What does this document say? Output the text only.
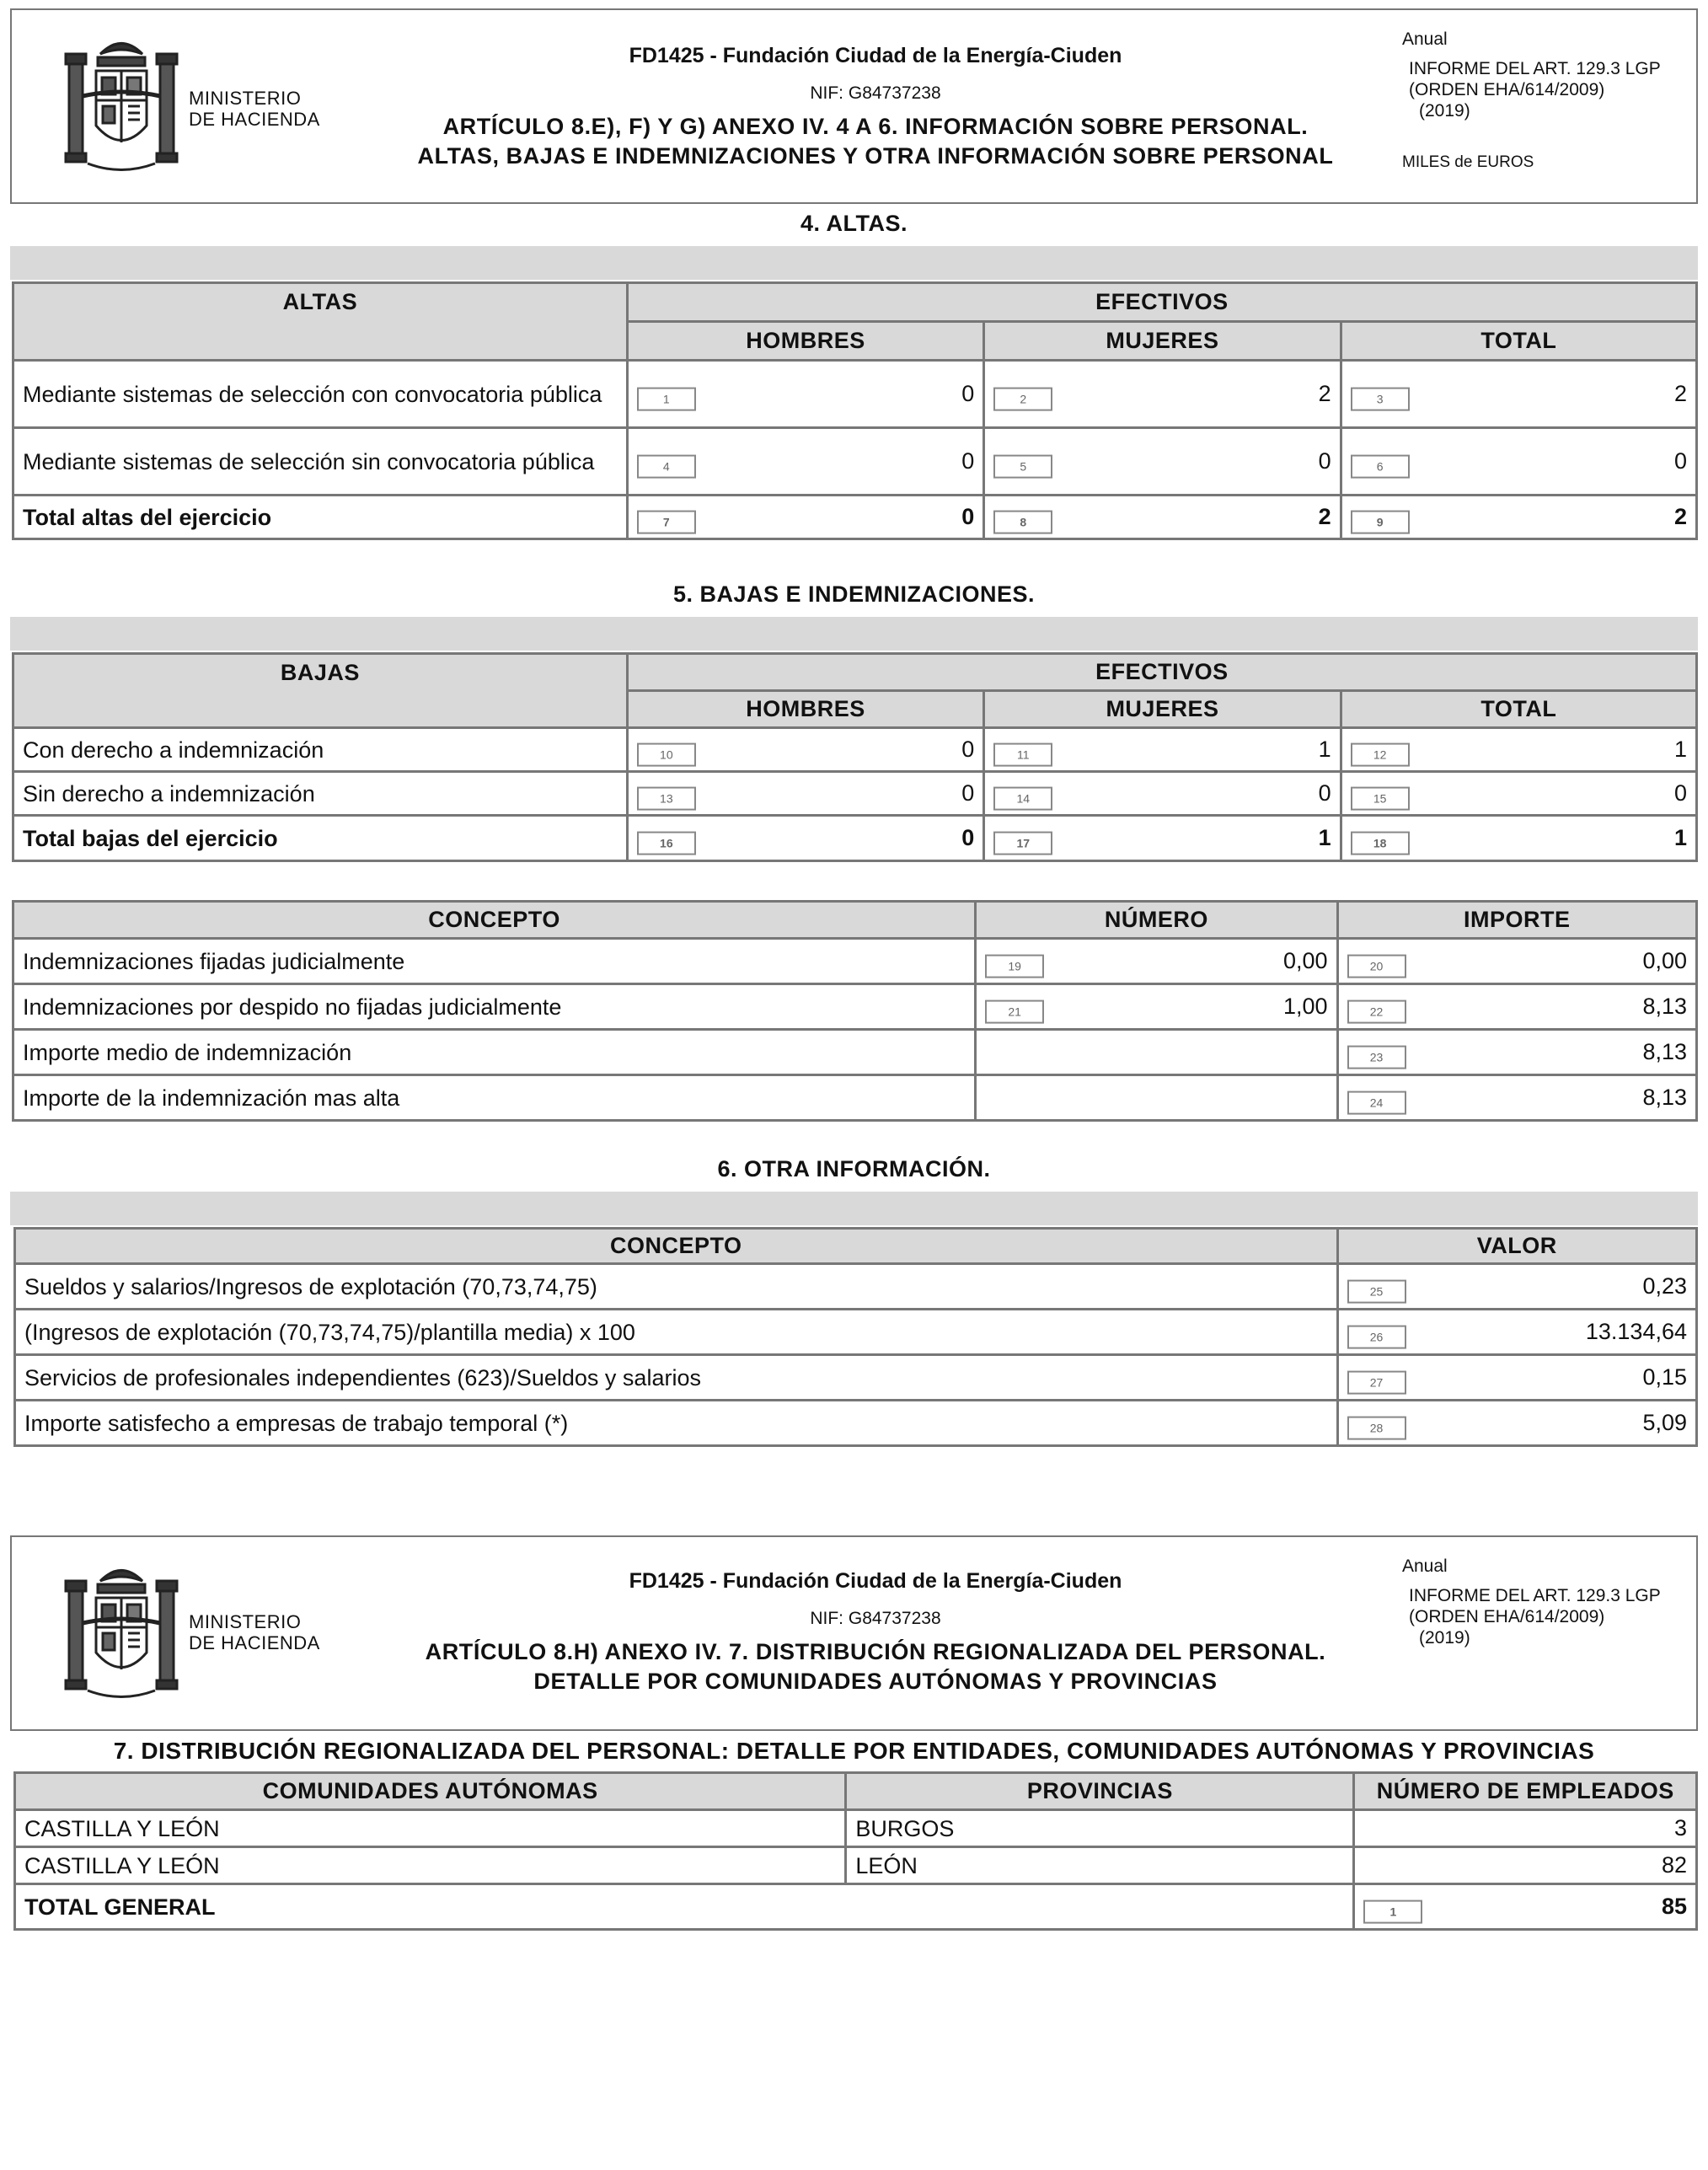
MINISTERIO
DE HACIENDA
FD1425 - Fundación Ciudad de la Energía-Ciuden
NIF: G84737238
ARTÍCULO 8.E), F) Y G) ANEXO IV. 4 A 6. INFORMACIÓN SOBRE PERSONAL.
ALTAS, BAJAS E INDEMNIZACIONES Y OTRA INFORMACIÓN SOBRE PERSONAL
Anual
INFORME DEL ART. 129.3 LGP
(ORDEN EHA/614/2009)
(2019)
MILES de EUROS
4. ALTAS.
ALTAS	EFECTIVOS		
	HOMBRES	MUJERES	TOTAL
Mediante sistemas de selección con convocatoria pública	1 0	2 2	3 2

Mediante sistemas de selección sin convocatoria pública	4 0	5 0	6 0

Total altas del ejercicio	7 0	8 2	9 2
5. BAJAS E INDEMNIZACIONES.
BAJAS	EFECTIVOS		
	HOMBRES	MUJERES	TOTAL
Con derecho a indemnización	10 0	11 1	12 1

Sin derecho a indemnización	13 0	14 0	15 0

Total bajas del ejercicio	16 0	17 1	18 1
CONCEPTO	NÚMERO	IMPORTE
Indemnizaciones fijadas judicialmente	19 0,00	20 0,00

Indemnizaciones por despido no fijadas judicialmente	21 1,00	22 8,13

Importe medio de indemnización		23 8,13

Importe de la indemnización mas alta		24 8,13
6. OTRA INFORMACIÓN.
CONCEPTO	VALOR
Sueldos y salarios/Ingresos de explotación (70,73,74,75)	25 0,23

(Ingresos de explotación (70,73,74,75)/plantilla media) x 100	26 13.134,64

Servicios de profesionales independientes (623)/Sueldos y salarios	27 0,15

Importe satisfecho a empresas de trabajo temporal (*)	28 5,09
MINISTERIO
DE HACIENDA
FD1425 - Fundación Ciudad de la Energía-Ciuden
NIF: G84737238
ARTÍCULO 8.H) ANEXO IV. 7. DISTRIBUCIÓN REGIONALIZADA DEL PERSONAL.
DETALLE POR COMUNIDADES AUTÓNOMAS Y PROVINCIAS
Anual
INFORME DEL ART. 129.3 LGP
(ORDEN EHA/614/2009)
(2019)
7. DISTRIBUCIÓN REGIONALIZADA DEL PERSONAL: DETALLE POR ENTIDADES, COMUNIDADES AUTÓNOMAS Y PROVINCIAS
COMUNIDADES AUTÓNOMAS	PROVINCIAS	NÚMERO DE EMPLEADOS
CASTILLA Y LEÓN	BURGOS	3
CASTILLA Y LEÓN	LEÓN	82
TOTAL GENERAL		1 85
